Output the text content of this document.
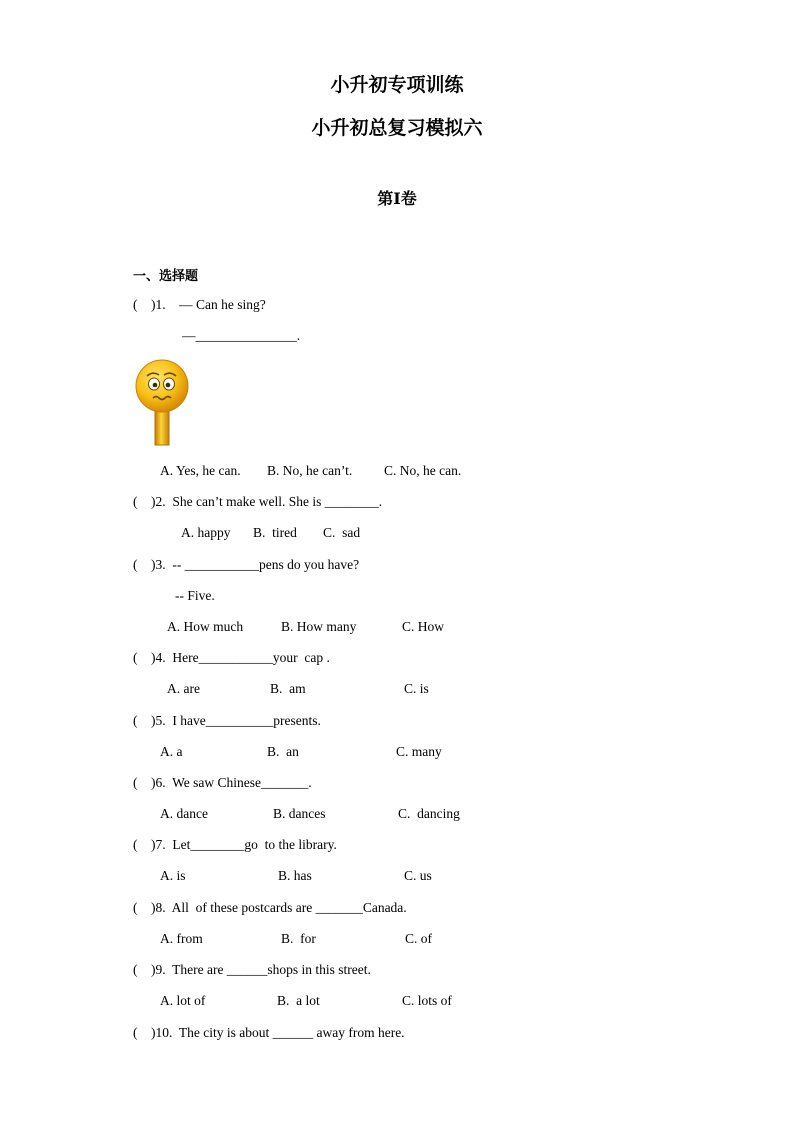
小升初专项训练
小升初总复习模拟六
第I卷
一、选择题
(    )1.    — Can he sing?
—_______________.
A. Yes, he can. B. No, he can’t. C. No, he can.
(    )2.  She can’t make well. She is ________.
A. happy B.  tired C.  sad
(    )3.  -- ___________pens do you have?
-- Five.
A. How much	B. How many	C. How
(    )4.  Here___________your  cap .
A. are	B.  am	C. is
(    )5.  I have__________presents.
A. a	B.  an	C. many
(    )6.  We saw Chinese_______.
A. dance	B. dances	C.  dancing
(    )7.  Let________go  to the library.
A. is	B. has	C. us
(    )8.  All  of these postcards are _______Canada.
A. from	B.  for	C. of
(    )9.  There are ______shops in this street.
A. lot of	B.  a lot	C. lots of
(    )10.  The city is about ______ away from here.
